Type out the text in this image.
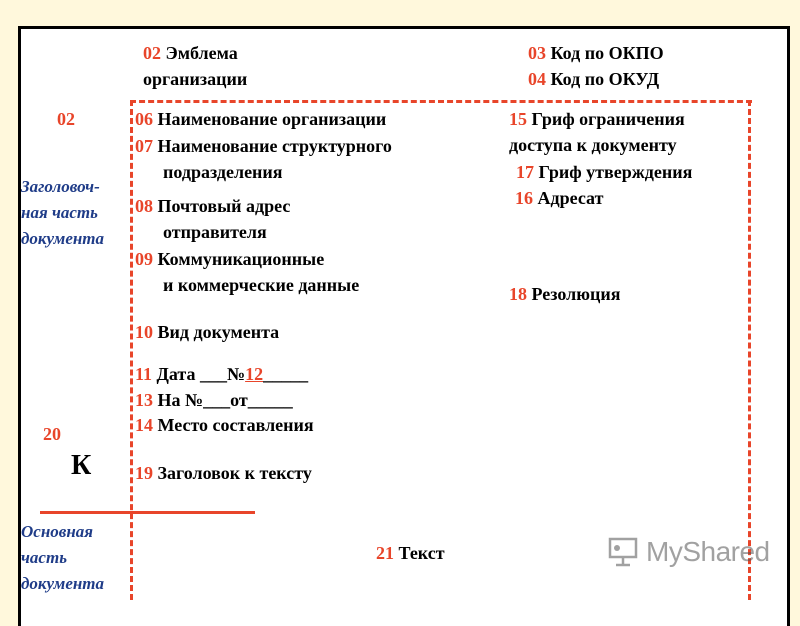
02 Эмблема
организации
03 Код по ОКПО
04 Код по ОКУД
02
Заголовоч-
ная часть
документа
06 Наименование организации
07 Наименование структурного
подразделения
08 Почтовый адрес
отправителя
09 Коммуникационные
и коммерческие данные
10 Вид документа
11 Дата ___№12_____
13 На №___от_____
14 Место составления
19 Заголовок к тексту
15 Гриф ограничения
доступа к документу
17 Гриф утверждения
16 Адресат
18 Резолюция
20
К
Основная
часть
документа
21 Текст	MyShared
